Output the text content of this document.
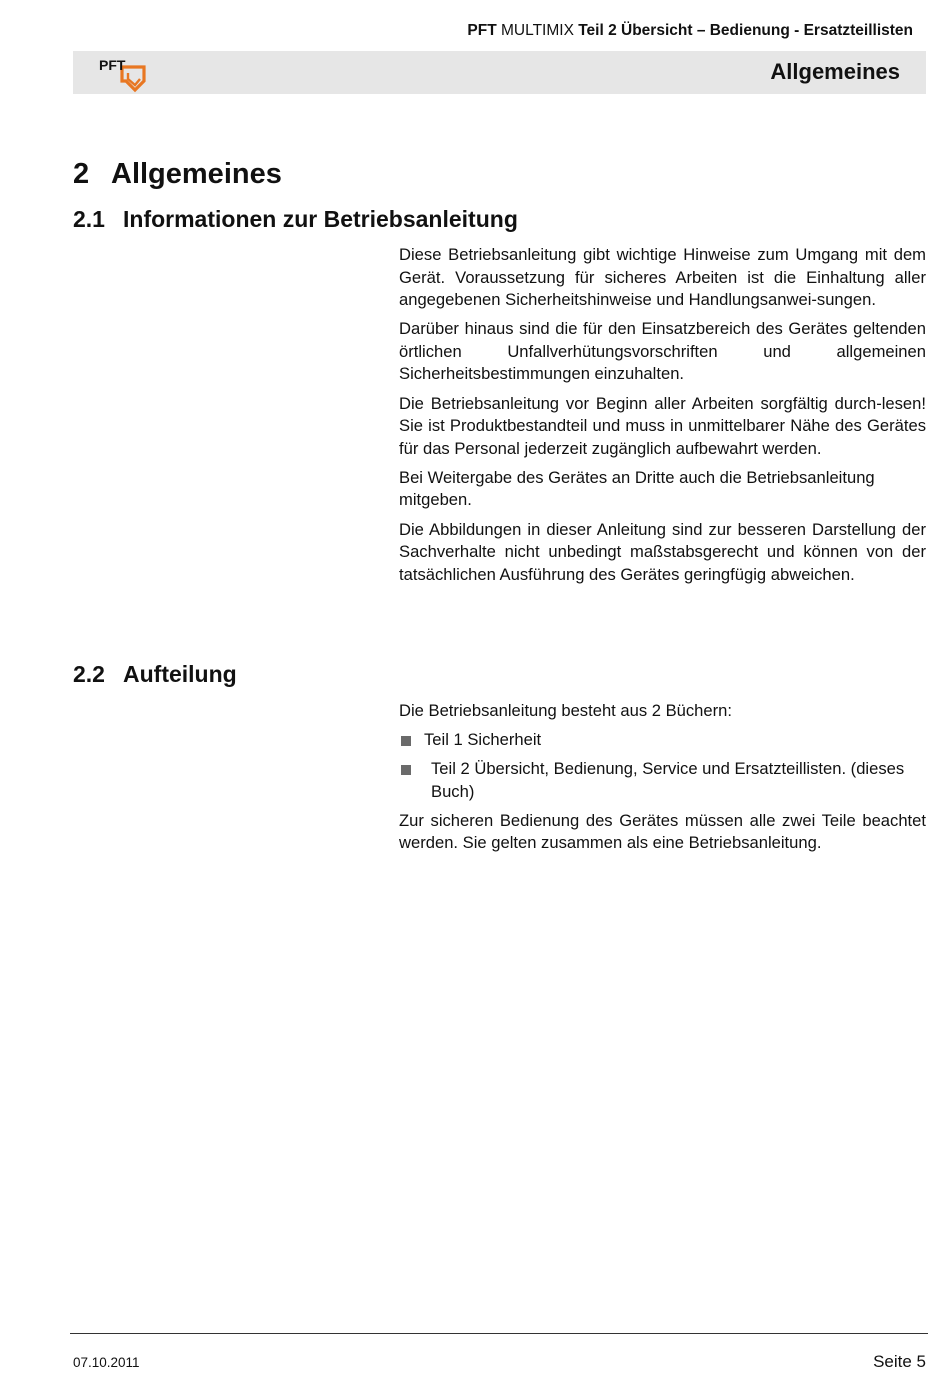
PFT MULTIMIX Teil 2 Übersicht – Bedienung - Ersatzteillisten
PFT	Allgemeines
2 Allgemeines
2.1 Informationen zur Betriebsanleitung

Diese Betriebsanleitung gibt wichtige Hinweise zum Umgang mit dem Gerät. Voraussetzung für sicheres Arbeiten ist die Einhaltung aller angegebenen Sicherheitshinweise und Handlungsanwei-sungen.

Darüber hinaus sind die für den Einsatzbereich des Gerätes geltenden örtlichen Unfallverhütungsvorschriften und allgemeinen Sicherheitsbestimmungen einzuhalten.

Die Betriebsanleitung vor Beginn aller Arbeiten sorgfältig durch-lesen! Sie ist Produktbestandteil und muss in unmittelbarer Nähe des Gerätes für das Personal jederzeit zugänglich aufbewahrt werden.

Bei Weitergabe des Gerätes an Dritte auch die Betriebsanleitung mitgeben.

Die Abbildungen in dieser Anleitung sind zur besseren Darstellung der Sachverhalte nicht unbedingt maßstabsgerecht und können von der tatsächlichen Ausführung des Gerätes geringfügig abweichen.

2.2 Aufteilung

Die Betriebsanleitung besteht aus 2 Büchern:

Teil 1 Sicherheit
Teil 2 Übersicht, Bedienung, Service und Ersatzteillisten. (dieses Buch)

Zur sicheren Bedienung des Gerätes müssen alle zwei Teile beachtet werden. Sie gelten zusammen als eine Betriebsanleitung.

07.10.2011	Seite 5
